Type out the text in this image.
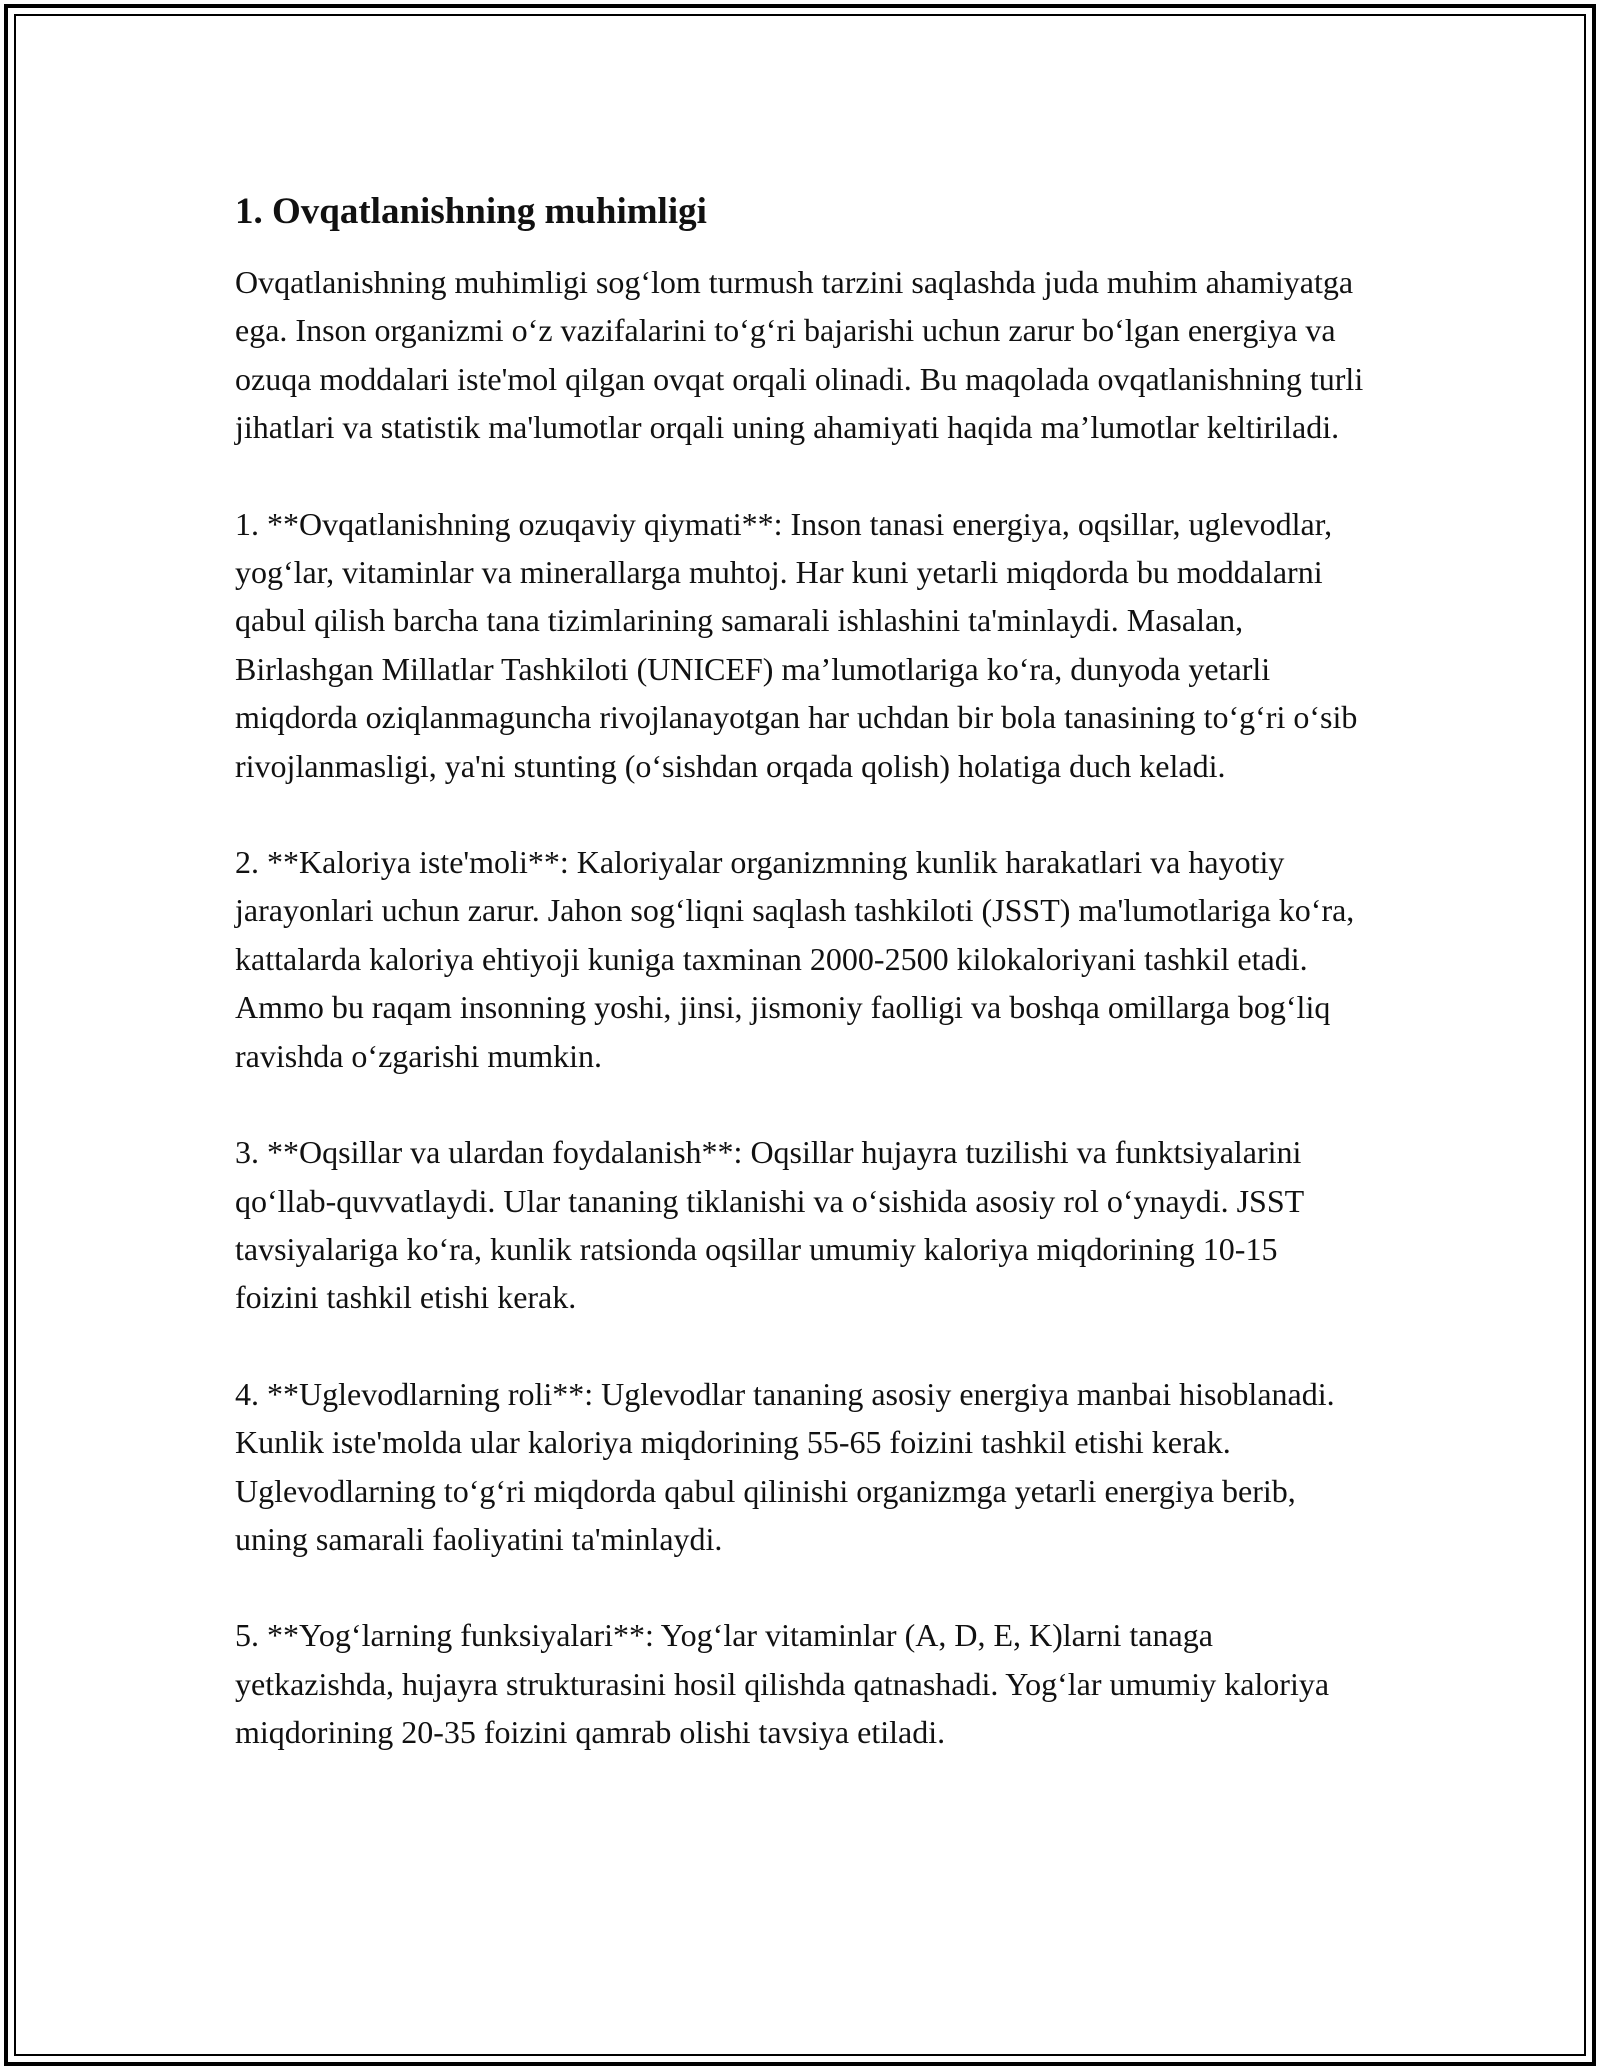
1. Ovqatlanishning muhimligi

Ovqatlanishning muhimligi sog‘lom turmush tarzini saqlashda juda muhim ahamiyatga ega. Inson organizmi o‘z vazifalarini to‘g‘ri bajarishi uchun zarur bo‘lgan energiya va ozuqa moddalari iste'mol qilgan ovqat orqali olinadi. Bu maqolada ovqatlanishning turli jihatlari va statistik ma'lumotlar orqali uning ahamiyati haqida ma’lumotlar keltiriladi.

1. **Ovqatlanishning ozuqaviy qiymati**: Inson tanasi energiya, oqsillar, uglevodlar, yog‘lar, vitaminlar va minerallarga muhtoj. Har kuni yetarli miqdorda bu moddalarni qabul qilish barcha tana tizimlarining samarali ishlashini ta'minlaydi. Masalan, Birlashgan Millatlar Tashkiloti (UNICEF) ma’lumotlariga ko‘ra, dunyoda yetarli miqdorda oziqlanmaguncha rivojlanayotgan har uchdan bir bola tanasining to‘g‘ri o‘sib rivojlanmasligi, ya'ni stunting (o‘sishdan orqada qolish) holatiga duch keladi.

2. **Kaloriya iste'moli**: Kaloriyalar organizmning kunlik harakatlari va hayotiy jarayonlari uchun zarur. Jahon sog‘liqni saqlash tashkiloti (JSST) ma'lumotlariga ko‘ra, kattalarda kaloriya ehtiyoji kuniga taxminan 2000-2500 kilokaloriyani tashkil etadi. Ammo bu raqam insonning yoshi, jinsi, jismoniy faolligi va boshqa omillarga bog‘liq ravishda o‘zgarishi mumkin.

3. **Oqsillar va ulardan foydalanish**: Oqsillar hujayra tuzilishi va funktsiyalarini qo‘llab-quvvatlaydi. Ular tananing tiklanishi va o‘sishida asosiy rol o‘ynaydi. JSST tavsiyalariga ko‘ra, kunlik ratsionda oqsillar umumiy kaloriya miqdorining 10-15 foizini tashkil etishi kerak.

4. **Uglevodlarning roli**: Uglevodlar tananing asosiy energiya manbai hisoblanadi. Kunlik iste'molda ular kaloriya miqdorining 55-65 foizini tashkil etishi kerak. Uglevodlarning to‘g‘ri miqdorda qabul qilinishi organizmga yetarli energiya berib, uning samarali faoliyatini ta'minlaydi.

5. **Yog‘larning funksiyalari**: Yog‘lar vitaminlar (A, D, E, K)larni tanaga yetkazishda, hujayra strukturasini hosil qilishda qatnashadi. Yog‘lar umumiy kaloriya miqdorining 20-35 foizini qamrab olishi tavsiya etiladi.
